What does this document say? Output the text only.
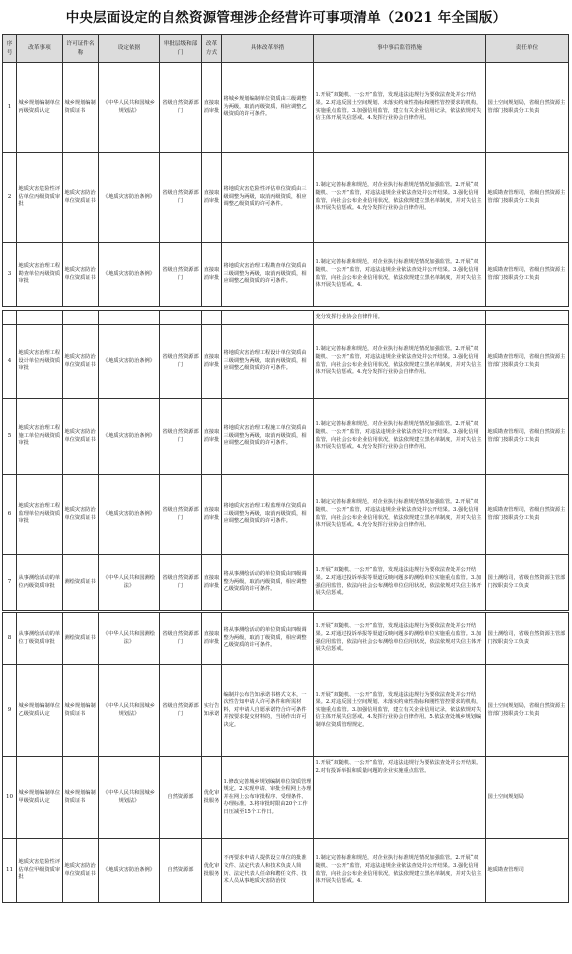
中央层面设定的自然资源管理涉企经营许可事项清单（2021 年全国版）
序号	改革事项	许可证件名称	设定依据	审批层级和部门	改革方式	具体改革举措	事中事后监管措施	责任单位
1	城乡规划编制单位丙级资质认定	城乡规划编制资质证书	《中华人民共和国城乡规划法》	省级自然资源部门	直接取消审批	将城乡规划编制单位资质由三级调整为两级，取消丙级资质，相应调整乙级资质的许可条件。	1.开展“双随机、一公开”监管，发现违法违规行为要依法查处并公开结果。2.对违反国土空间规划、未落实约束性指标和刚性管控要求的机构，实施重点监管。3.加强信用监管，建立有关企业信用记录，依法依规对失信主体开展失信惩戒。4.发挥行业协会自律作用。	国土空间规划局，省级自然资源主管部门按职责分工负责
2	地质灾害危险性评估单位丙级资质审批	地质灾害防治单位资质证书	《地质灾害防治条例》	省级自然资源部门	直接取消审批	将地质灾害危险性评估单位资质由三级调整为两级，取消丙级资质，相应调整乙级资质的许可条件。	1.制定完善标准和规范，对企业执行标准规范情况加强监管。2.开展“双随机、一公开”监管，对违法违规企业依法查处并公开结果。3.强化信用监管，向社会公布企业信用状况，依法依规建立黑名单制度，并对失信主体开展失信惩戒。4.充分发挥行业协会自律作用。	地质勘查管理司，省级自然资源主管部门按职责分工负责
3	地质灾害治理工程勘查单位丙级资质审批	地质灾害防治单位资质证书	《地质灾害防治条例》	省级自然资源部门	直接取消审批	将地质灾害治理工程勘查单位资质由三级调整为两级，取消丙级资质，相应调整乙级资质的许可条件。	1.制定完善标准和规范，对企业执行标准规范情况加强监管。2.开展“双随机、一公开”监管，对违法违规企业依法查处并公开结果。3.强化信用监管，向社会公布企业信用状况，依法依规建立黑名单制度，并对失信主体开展失信惩戒。4.	地质勘查管理司，省级自然资源主管部门按职责分工负责
							充分发挥行业协会自律作用。	
4	地质灾害治理工程设计单位丙级资质审批	地质灾害防治单位资质证书	《地质灾害防治条例》	省级自然资源部门	直接取消审批	将地质灾害治理工程设计单位资质由三级调整为两级，取消丙级资质，相应调整乙级资质的许可条件。	1.制定完善标准和规范，对企业执行标准规范情况加强监管。2.开展“双随机、一公开”监管，对违法违规企业依法查处并公开结果。3.强化信用监管，向社会公布企业信用状况，依法依规建立黑名单制度，并对失信主体开展失信惩戒。4.充分发挥行业协会自律作用。	地质勘查管理司，省级自然资源主管部门按职责分工负责
5	地质灾害治理工程施工单位丙级资质审批	地质灾害防治单位资质证书	《地质灾害防治条例》	省级自然资源部门	直接取消审批	将地质灾害治理工程施工单位资质由三级调整为两级，取消丙级资质，相应调整乙级资质的许可条件。	1.制定完善标准和规范，对企业执行标准规范情况加强监管。2.开展“双随机、一公开”监管，对违法违规企业依法查处并公开结果。3.强化信用监管，向社会公布企业信用状况，依法依规建立黑名单制度，并对失信主体开展失信惩戒。4.充分发挥行业协会自律作用。	地质勘查管理司，省级自然资源主管部门按职责分工负责
6	地质灾害治理工程监理单位丙级资质审批	地质灾害防治单位资质证书	《地质灾害防治条例》	省级自然资源部门	直接取消审批	将地质灾害治理工程监理单位资质由三级调整为两级，取消丙级资质，相应调整乙级资质的许可条件。	1.制定完善标准和规范，对企业执行标准规范情况加强监管。2.开展“双随机、一公开”监管，对违法违规企业依法查处并公开结果。3.强化信用监管，向社会公布企业信用状况，依法依规建立黑名单制度，并对失信主体开展失信惩戒。4.充分发挥行业协会自律作用。	地质勘查管理司，省级自然资源主管部门按职责分工负责
7	从事测绘活动的单位丙级资质审批	测绘资质证书	《中华人民共和国测绘法》	省级自然资源部门	直接取消审批	将从事测绘活动的单位资质由四级调整为两级，取消丙级资质，相应调整乙级资质的许可条件。	1.开展“双随机、一公开”监管，发现违法违规行为要依法查处并公开结果。2.对通过投诉举报等渠道反映问题多的测绘单位实施重点监管。3.加强信用监管，依法向社会公布测绘单位信用状况，依法依规对失信主体开展失信惩戒。	国土测绘司，省级自然资源主管部门按职责分工负责
8	从事测绘活动的单位丁级资质审批	测绘资质证书	《中华人民共和国测绘法》	省级自然资源部门	直接取消审批	将从事测绘活动的单位资质由四级调整为两级，取消丁级资质，相应调整乙级资质的许可条件。	1.开展“双随机、一公开”监管，发现违法违规行为要依法查处并公开结果。2.对通过投诉举报等渠道反映问题多的测绘单位实施重点监管。3.加强信用监管，依法向社会公布测绘单位信用状况，依法依规对失信主体开展失信惩戒。	国土测绘司，省级自然资源主管部门按职责分工负责
9	城乡规划编制单位乙级资质认定	城乡规划编制资质证书	《中华人民共和国城乡规划法》	省级自然资源部门	实行告知承诺	编制并公布告知承诺书格式文本，一次性告知申请人许可条件和所需材料，对申请人自愿承诺符合许可条件并按要求提交材料的，当场作出许可决定。	1.开展“双随机、一公开”监管，发现违法违规行为要依法查处并公开结果。2.对违反国土空间规划、未落实约束性指标和刚性管控要求的机构，实施重点监管。3.加强信用监管，建立有关企业信用记录，依法依规对失信主体开展失信惩戒。4.发挥行业协会自律作用。5.依法查处城乡规划编制单位资质管理规定。	国土空间规划局，省级自然资源主管部门按职责分工负责
10	城乡规划编制单位甲级资质认定	城乡规划编制资质证书	《中华人民共和国城乡规划法》	自然资源部	优化审批服务	1.修改完善城乡规划编制单位资质管理规定。2.实现申请、审批全程网上办理并在网上公布审批程序、受理条件、办理标准。3.将审批时限由20个工作日压减至15个工作日。	1.开展“双随机、一公开”监管，对违法违规行为要依法查处并公开结果。2.对有投诉举报和质量问题的企业实施重点监管。	国土空间规划局
11	地质灾害危险性评估单位甲级资质审批	地质灾害防治单位资质证书	《地质灾害防治条例》	自然资源部	优化审批服务	不再要求申请人提供设立单位的批准文件、法定代表人和技术负责人简历、法定代表人任命和聘任文件、技术人员从事地质灾害防治技	1.制定完善标准和规范，对企业执行标准规范情况加强监管。2.开展“双随机、一公开”监管，对违法违规企业依法查处并公开结果。3.强化信用监管，向社会公布企业信用状况，依法依规建立黑名单制度，并对失信主体开展失信惩戒。4.	地质勘查管理司
